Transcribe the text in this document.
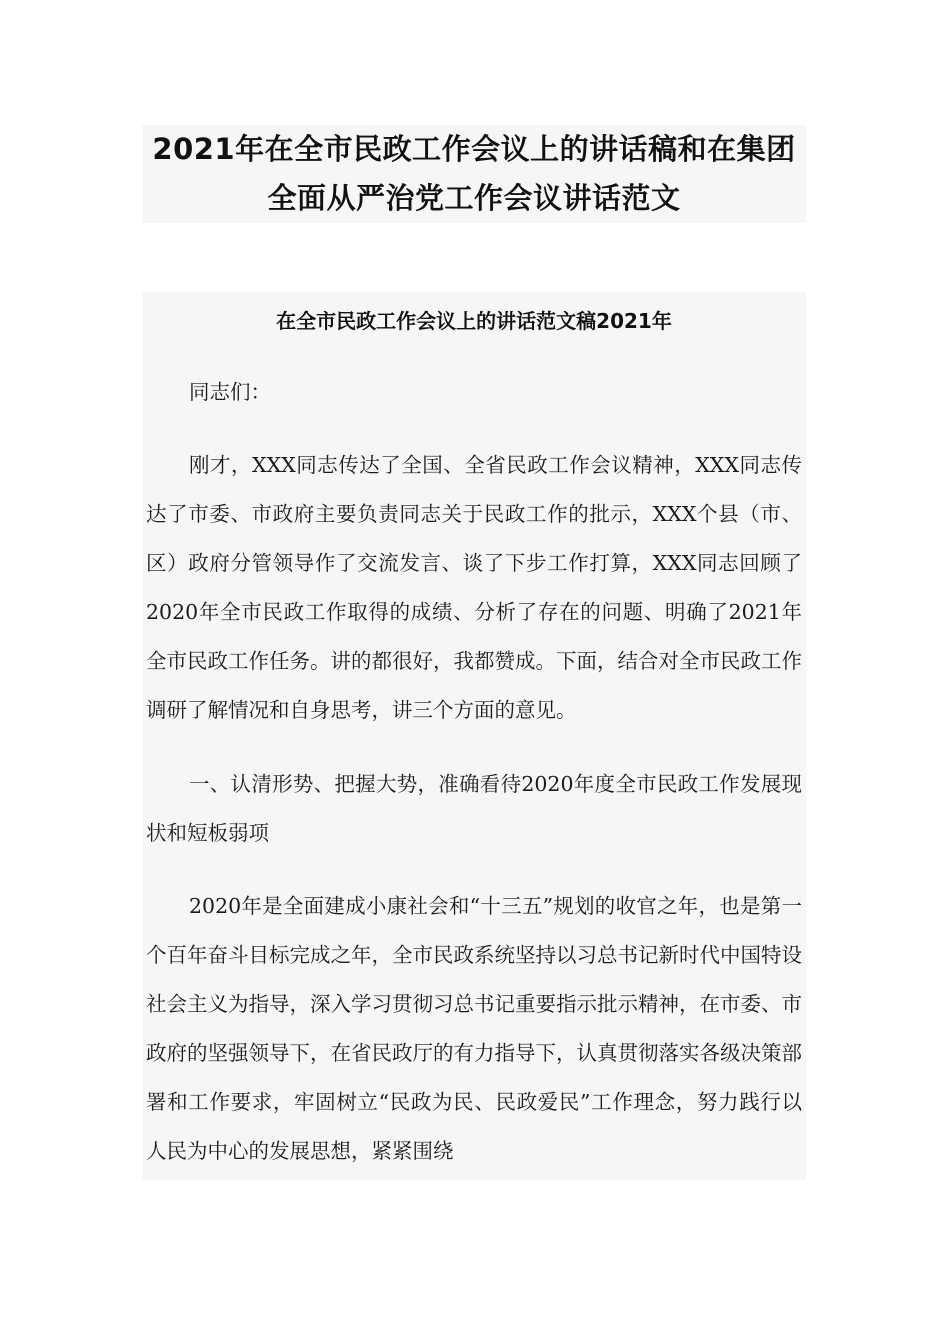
2021年在全市民政工作会议上的讲话稿和在集团全面从严治党工作会议讲话范文
在全市民政工作会议上的讲话范文稿2021年

同志们：

刚才，XXX同志传达了全国、全省民政工作会议精神，XXX同志传达了市委、市政府主要负责同志关于民政工作的批示，XXX个县（市、区）政府分管领导作了交流发言、谈了下步工作打算，XXX同志回顾了2020年全市民政工作取得的成绩、分析了存在的问题、明确了2021年全市民政工作任务。讲的都很好，我都赞成。下面，结合对全市民政工作调研了解情况和自身思考，讲三个方面的意见。

一、认清形势、把握大势，准确看待2020年度全市民政工作发展现状和短板弱项

2020年是全面建成小康社会和“十三五”规划的收官之年，也是第一个百年奋斗目标完成之年，全市民政系统坚持以习总书记新时代中国特设社会主义为指导，深入学习贯彻习总书记重要指示批示精神，在市委、市政府的坚强领导下，在省民政厅的有力指导下，认真贯彻落实各级决策部署和工作要求，牢固树立“民政为民、民政爱民”工作理念，努力践行以人民为中心的发展思想，紧紧围绕
